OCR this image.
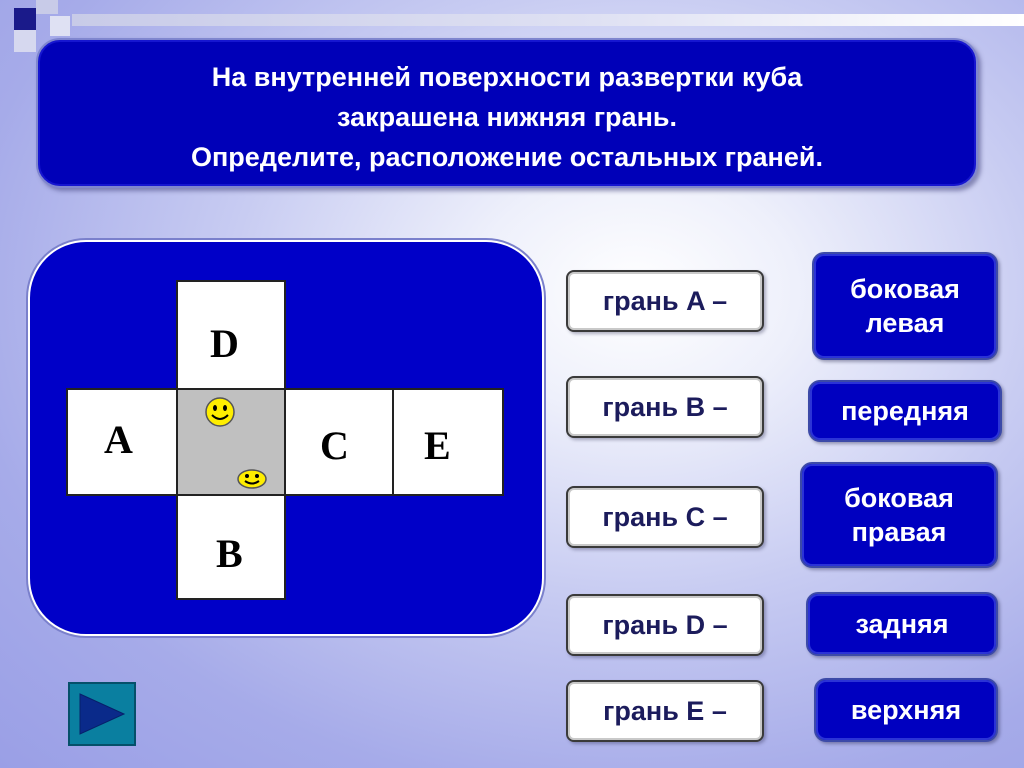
На внутренней поверхности развертки куба
закрашена нижняя грань.
Определите, расположение остальных граней.
D
A	C E
B
грань A –
грань B –
грань C –
грань D –
грань E –
боковая
левая
передняя
боковая
правая
задняя
верхняя
